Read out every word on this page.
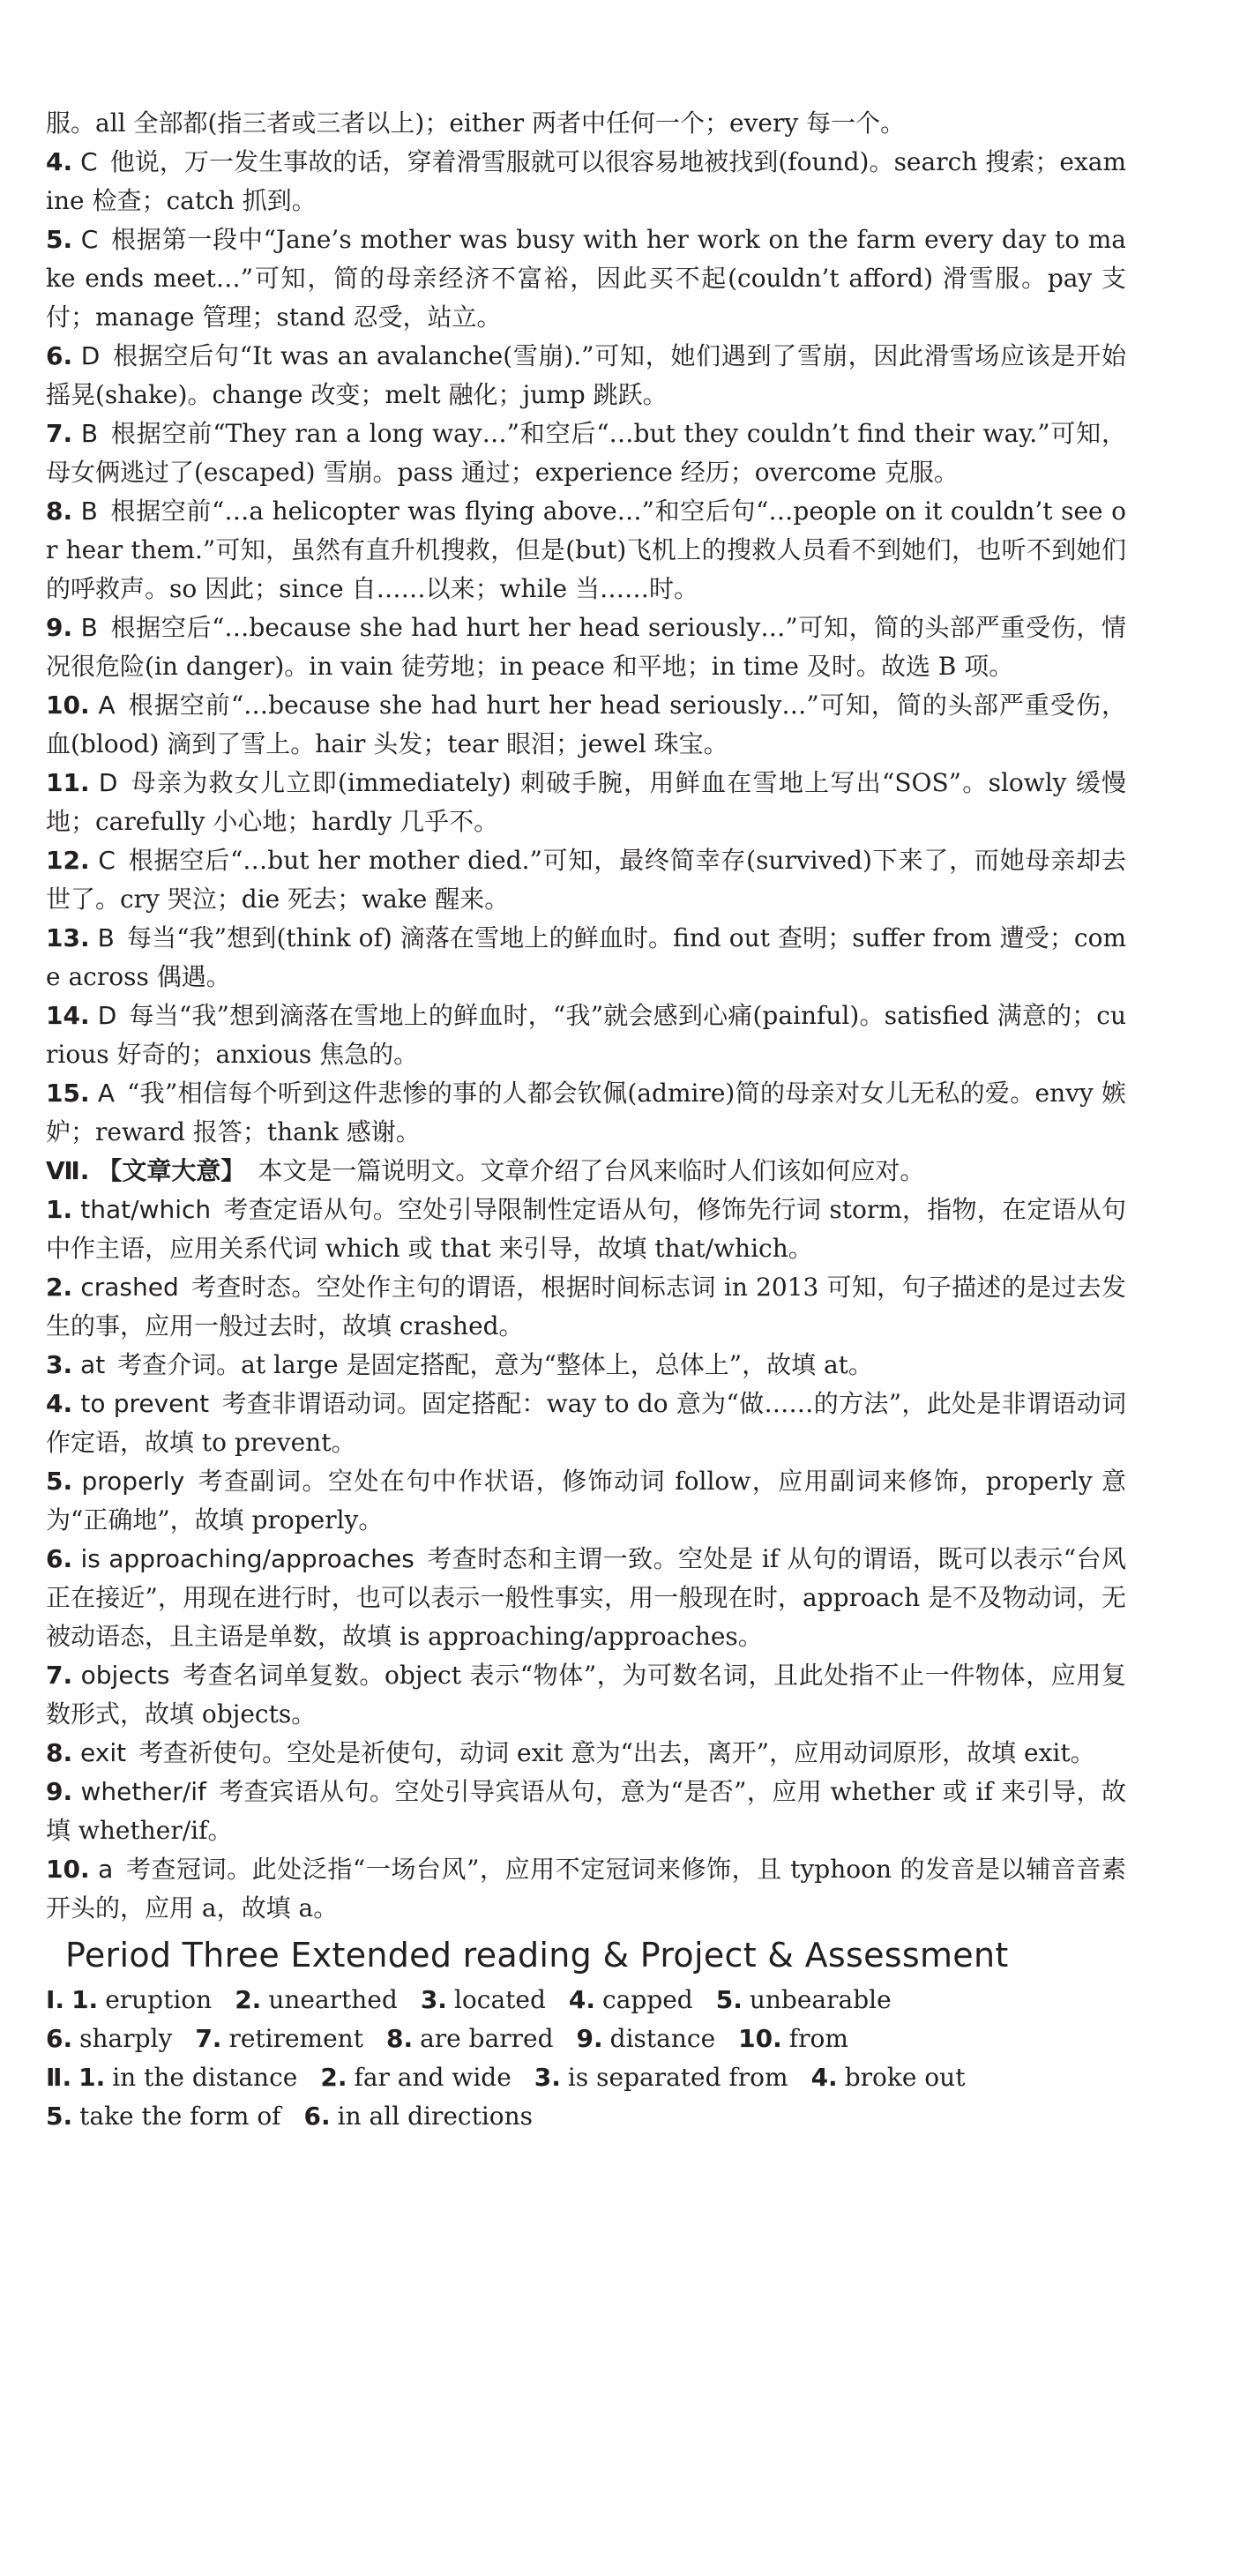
服。all 全部都(指三者或三者以上)；either 两者中任何一个；every 每一个。

4. C 他说，万一发生事故的话，穿着滑雪服就可以很容易地被找到(found)。search 搜索；examine 检查；catch 抓到。

5. C 根据第一段中“Jane’s mother was busy with her work on the farm every day to make ends meet…”可知，简的母亲经济不富裕，因此买不起(couldn’t afford) 滑雪服。pay 支付；manage 管理；stand 忍受，站立。

6. D 根据空后句“It was an avalanche(雪崩).”可知，她们遇到了雪崩，因此滑雪场应该是开始摇晃(shake)。change 改变；melt 融化；jump 跳跃。

7. B 根据空前“They ran a long way…”和空后“…but they couldn’t find their way.”可知，母女俩逃过了(escaped) 雪崩。pass 通过；experience 经历；overcome 克服。

8. B 根据空前“…a helicopter was flying above…”和空后句“…people on it couldn’t see or hear them.”可知，虽然有直升机搜救，但是(but)飞机上的搜救人员看不到她们，也听不到她们的呼救声。so 因此；since 自……以来；while 当……时。

9. B 根据空后“…because she had hurt her head seriously…”可知，简的头部严重受伤，情况很危险(in danger)。in vain 徒劳地；in peace 和平地；in time 及时。故选 B 项。

10. A 根据空前“…because she had hurt her head seriously…”可知，简的头部严重受伤，血(blood) 滴到了雪上。hair 头发；tear 眼泪；jewel 珠宝。

11. D 母亲为救女儿立即(immediately) 刺破手腕，用鲜血在雪地上写出“SOS”。slowly 缓慢地；carefully 小心地；hardly 几乎不。

12. C 根据空后“…but her mother died.”可知，最终简幸存(survived)下来了，而她母亲却去世了。cry 哭泣；die 死去；wake 醒来。

13. B 每当“我”想到(think of) 滴落在雪地上的鲜血时。find out 查明；suffer from 遭受；come across 偶遇。

14. D 每当“我”想到滴落在雪地上的鲜血时，“我”就会感到心痛(painful)。satisfied 满意的；curious 好奇的；anxious 焦急的。

15. A “我”相信每个听到这件悲惨的事的人都会钦佩(admire)简的母亲对女儿无私的爱。envy 嫉妒；reward 报答；thank 感谢。

Ⅶ. 【文章大意】 本文是一篇说明文。文章介绍了台风来临时人们该如何应对。

1. that/which 考查定语从句。空处引导限制性定语从句，修饰先行词 storm，指物，在定语从句中作主语，应用关系代词 which 或 that 来引导，故填 that/which。

2. crashed 考查时态。空处作主句的谓语，根据时间标志词 in 2013 可知，句子描述的是过去发生的事，应用一般过去时，故填 crashed。

3. at 考查介词。at large 是固定搭配，意为“整体上，总体上”，故填 at。

4. to prevent 考查非谓语动词。固定搭配：way to do 意为“做……的方法”，此处是非谓语动词作定语，故填 to prevent。

5. properly 考查副词。空处在句中作状语，修饰动词 follow，应用副词来修饰，properly 意为“正确地”，故填 properly。

6. is approaching/approaches 考查时态和主谓一致。空处是 if 从句的谓语，既可以表示“台风正在接近”，用现在进行时，也可以表示一般性事实，用一般现在时，approach 是不及物动词，无被动语态，且主语是单数，故填 is approaching/approaches。

7. objects 考查名词单复数。object 表示“物体”，为可数名词，且此处指不止一件物体，应用复数形式，故填 objects。

8. exit 考查祈使句。空处是祈使句，动词 exit 意为“出去，离开”，应用动词原形，故填 exit。

9. whether/if 考查宾语从句。空处引导宾语从句，意为“是否”，应用 whether 或 if 来引导，故填 whether/if。

10. a 考查冠词。此处泛指“一场台风”，应用不定冠词来修饰，且 typhoon 的发音是以辅音音素开头的，应用 a，故填 a。

Period Three Extended reading & Project & Assessment

Ⅰ. 1. eruption 2. unearthed 3. located 4. capped 5. unbearable

6. sharply 7. retirement 8. are barred 9. distance 10. from

Ⅱ. 1. in the distance 2. far and wide 3. is separated from 4. broke out

5. take the form of 6. in all directions
